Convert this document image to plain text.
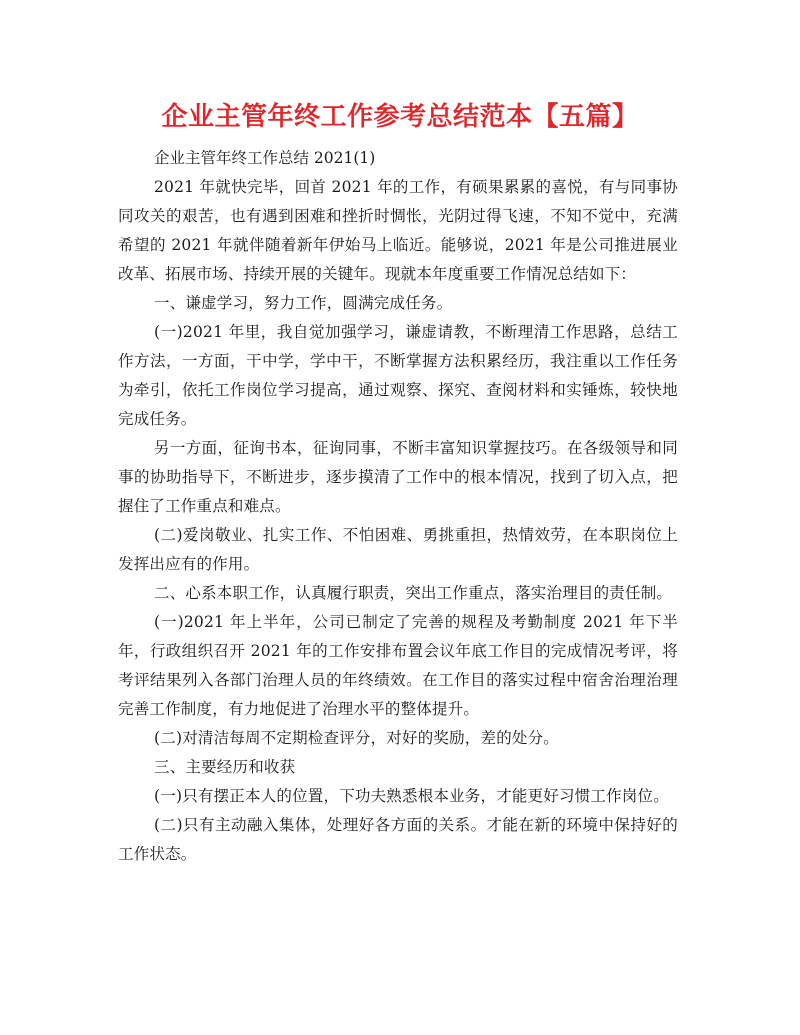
企业主管年终工作参考总结范本【五篇】
企业主管年终工作总结 2021(1)

2021 年就快完毕，回首 2021 年的工作，有硕果累累的喜悦，有与同事协同攻关的艰苦，也有遇到困难和挫折时惆怅，光阴过得飞速，不知不觉中，充满希望的 2021 年就伴随着新年伊始马上临近。能够说，2021 年是公司推进展业改革、拓展市场、持续开展的关键年。现就本年度重要工作情况总结如下：

一、谦虚学习，努力工作，圆满完成任务。

(一)2021 年里，我自觉加强学习，谦虚请教，不断理清工作思路，总结工作方法，一方面，干中学，学中干，不断掌握方法积累经历，我注重以工作任务为牵引，依托工作岗位学习提高，通过观察、探究、查阅材料和实锤炼，较快地完成任务。

另一方面，征询书本，征询同事，不断丰富知识掌握技巧。在各级领导和同事的协助指导下，不断进步，逐步摸清了工作中的根本情况，找到了切入点，把握住了工作重点和难点。

(二)爱岗敬业、扎实工作、不怕困难、勇挑重担，热情效劳，在本职岗位上发挥出应有的作用。

二、心系本职工作，认真履行职责，突出工作重点，落实治理目的责任制。

(一)2021 年上半年，公司已制定了完善的规程及考勤制度 2021 年下半年，行政组织召开 2021 年的工作安排布置会议年底工作目的完成情况考评，将考评结果列入各部门治理人员的年终绩效。在工作目的落实过程中宿舍治理治理完善工作制度，有力地促进了治理水平的整体提升。

(二)对清洁每周不定期检查评分，对好的奖励，差的处分。

三、主要经历和收获

(一)只有摆正本人的位置，下功夫熟悉根本业务，才能更好习惯工作岗位。

(二)只有主动融入集体，处理好各方面的关系。才能在新的环境中保持好的工作状态。
